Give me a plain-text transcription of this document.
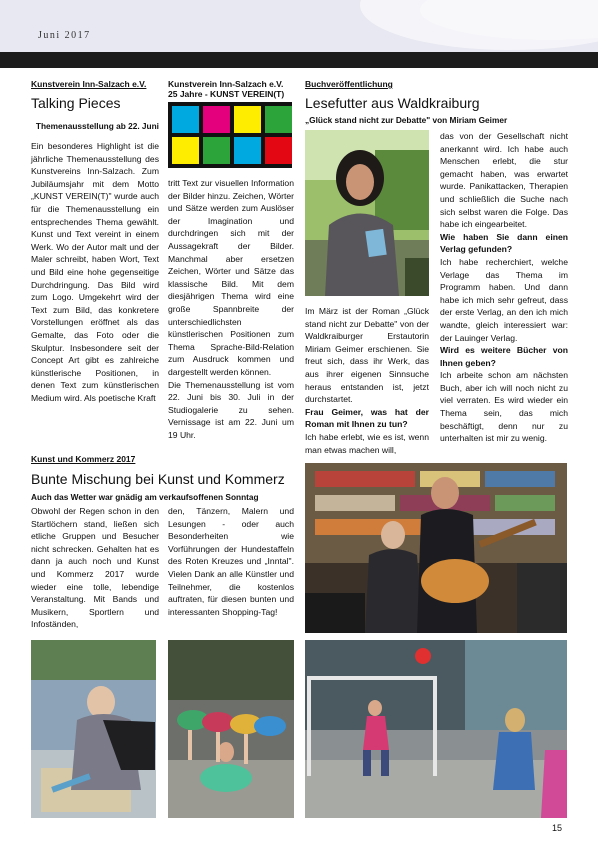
Juni 2017
Kunstverein Inn-Salzach e.V.
Talking Pieces
Themenausstellung ab 22. Juni

Ein besonderes Highlight ist die jährliche Themenausstellung des Kunstvereins Inn-Salzach. Zum Jubiläumsjahr mit dem Motto „KUNST VEREIN(T)" wurde auch für die Themenausstellung ein entsprechendes Thema gewählt. Kunst und Text vereint in einem Werk. Wo der Autor malt und der Maler schreibt, haben Wort, Text und Bild eine hohe gegenseitige Durchdringung. Das Bild wird zum Logo. Umgekehrt wird der Text zum Bild, das konkretere Vorstellungen eröffnet als das Gemalte, das Foto oder die Skulptur. Insbesondere seit der Concept Art gibt es zahlreiche künstlerische Positionen, in denen Text zum künstlerischen Medium wird. Als poetische Kraft

Kunstverein Inn-Salzach e.V.
25 Jahre - KUNST VEREIN(T)

tritt Text zur visuellen Information der Bilder hinzu. Zeichen, Wörter und Sätze werden zum Auslöser der Imagination und durchdringen sich mit der Aussagekraft der Bilder. Manchmal aber ersetzen Zeichen, Wörter und Sätze das klassische Bild. Mit dem diesjährigen Thema wird eine große Spannbreite der unterschiedlichsten künstlerischen Positionen zum Thema Sprache-Bild-Relation zum Ausdruck kommen und dargestellt werden können.

Die Themenausstellung ist vom 22. Juni bis 30. Juli in der Studiogalerie zu sehen. Vernissage ist am 22. Juni um 19 Uhr.

Buchveröffentlichung
Lesefutter aus Waldkraiburg
„Glück stand nicht zur Debatte" von Miriam Geimer

Im März ist der Roman „Glück stand nicht zur Debatte" von der Waldkraiburger Erstautorin Miriam Geimer erschienen. Sie freut sich, dass ihr Werk, das aus ihrer eigenen Sinnsuche heraus entstanden ist, jetzt durchstartet.

Frau Geimer, was hat der Roman mit Ihnen zu tun?

Ich habe erlebt, wie es ist, wenn man etwas machen will,

das von der Gesellschaft nicht anerkannt wird. Ich habe auch Menschen erlebt, die stur gemacht haben, was erwartet wurde. Panikattacken, Therapien und schließlich die Suche nach sich selbst waren die Folge. Das habe ich eingearbeitet.

Wie haben Sie dann einen Verlag gefunden?

Ich habe recherchiert, welche Verlage das Thema im Programm haben. Und dann habe ich mich sehr gefreut, dass der erste Verlag, an den ich mich wandte, gleich interessiert war: der Lauinger Verlag.

Wird es weitere Bücher von Ihnen geben?

Ich arbeite schon am nächsten Buch, aber ich will noch nicht zu viel verraten. Es wird wieder ein Thema sein, das mich beschäftigt, denn nur zu unterhalten ist mir zu wenig.

Kunst und Kommerz 2017
Bunte Mischung bei Kunst und Kommerz
Auch das Wetter war gnädig am verkaufsoffenen Sonntag

Obwohl der Regen schon in den Startlöchern stand, ließen sich etliche Gruppen und Besucher nicht schrecken. Gehalten hat es dann ja auch noch und Kunst und Kommerz 2017 wurde wieder eine tolle, lebendige Veranstaltung. Mit Bands und Musikern, Sportlern und Infoständen,

den, Tänzern, Malern und Lesungen - oder auch Besonderheiten wie Vorführungen der Hundestaffeln des Roten Kreuzes und „Inntal". Vielen Dank an alle Künstler und Teilnehmer, die kostenlos auftraten, für diesen bunten und interessanten Shopping-Tag!

15
